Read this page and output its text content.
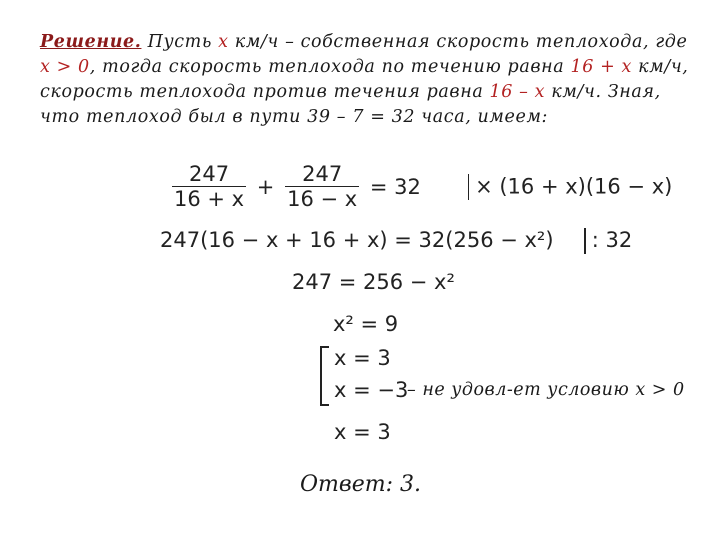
Решение. Пусть х км/ч – собственная скорость теплохода, где х > 0, тогда скорость теплохода по течению равна 16 + х км/ч, скорость теплохода против течения равна 16 – х км/ч. Зная, что теплоход был в пути 39 – 7 = 32 часа, имеем:
$\frac{247}{16 + x} + \frac{247}{16 - x} = 32$	× (16 + x)(16 − x)
247(16 − x + 16 + x) = 32(256 − x²) : 32
247 = 256 − x²
x² = 9
x = 3
x = −3
– не удовл-ет условию х > 0
x = 3
Ответ: 3.
